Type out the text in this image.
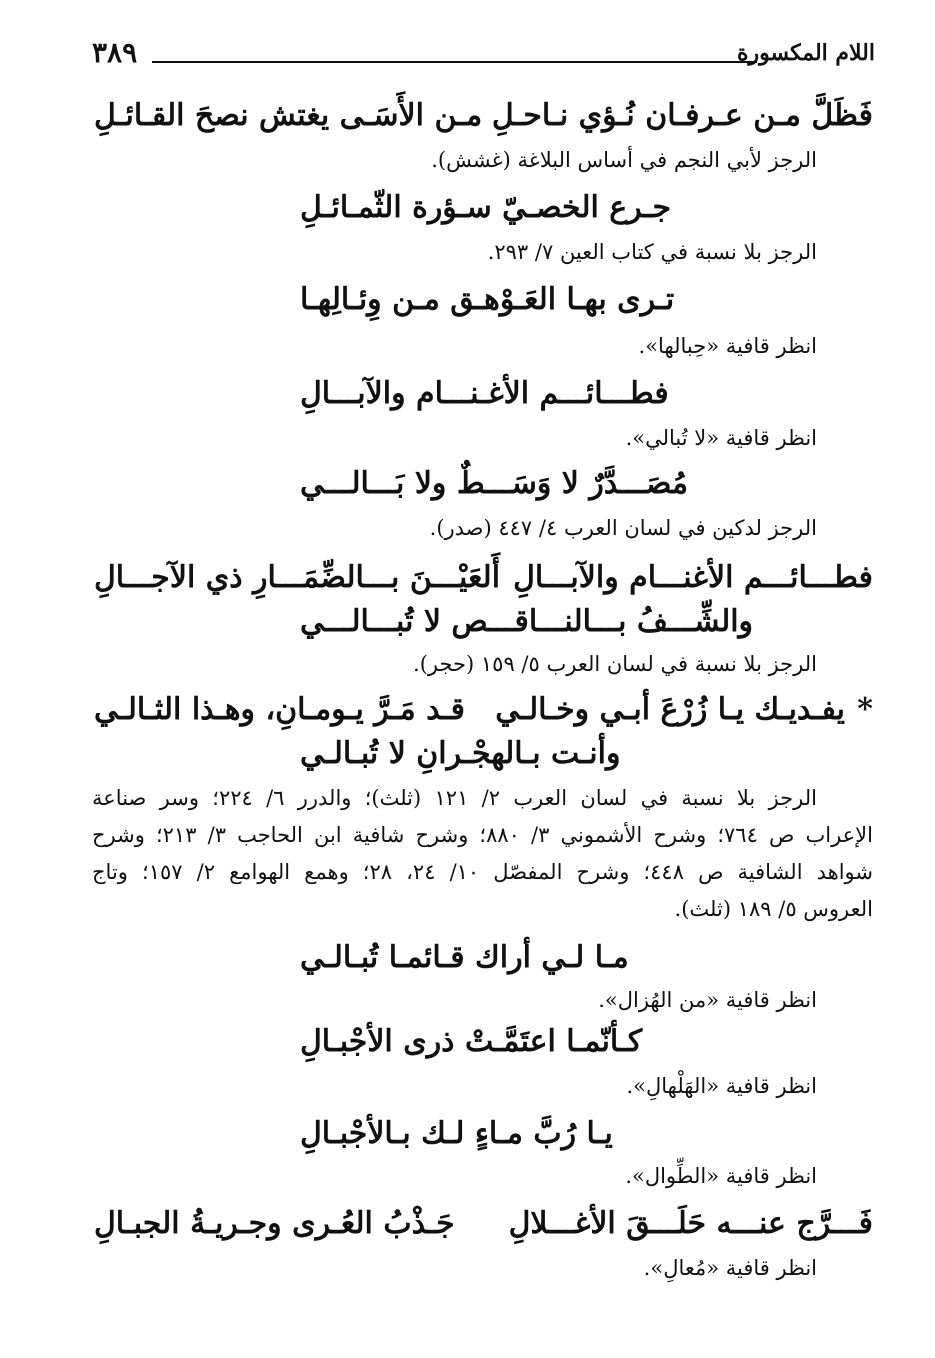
اللام المكسورة
٣٨٩
فَظَلَّ مـن عـرفـان نُـؤي نـاحـلِ
مـن الأَسَـى يغتش نصحَ القـائـلِ
الرجز لأبي النجم في أساس البلاغة (غشش).
جـرع الخصـيّ سـؤرة الثّمـائـلِ
الرجز بلا نسبة في كتاب العين ٧/ ٢٩٣.
تـرى بهـا العَـوْهـق مـن وِئـالِهـا
انظر قافية «حِبالها».
فطـــائـــم الأغـنـــام والآبـــالِ
انظر قافية «لا تُبالي».
مُصَـــدَّرٌ لا وَسَـــطٌ ولا بَـــالـــي
الرجز لدكين في لسان العرب ٤/ ٤٤٧ (صدر).
فطـــائـــم الأغنـــام والآبـــالِ
أَلعَيْـــنَ بـــالضِّمَـــارِ ذي الآجـــالِ
والشِّـــفُ بـــالنـــاقـــص لا تُبـــالـــي
الرجز بلا نسبة في لسان العرب ٥/ ١٥٩ (حجر).
*
يفـديـك يـا زُرْعَ أبـي وخـالـي
قـد مَـرَّ يـومـانِ، وهـذا الثـالـي
وأنـت بـالهجْـرانِ لا تُبـالـي
الرجز بلا نسبة في لسان العرب ٢/ ١٢١ (ثلث)؛ والدرر ٦/ ٢٢٤؛ وسر صناعة
الإعراب ص ٧٦٤؛ وشرح الأشموني ٣/ ٨٨٠؛ وشرح شافية ابن الحاجب ٣/ ٢١٣؛ وشرح
شواهد الشافية ص ٤٤٨؛ وشرح المفصّل ١٠/ ٢٤، ٢٨؛ وهمع الهوامع ٢/ ١٥٧؛ وتاج
العروس ٥/ ١٨٩ (ثلث).
مـا لـي أراك قـائمـا تُبـالـي
انظر قافية «من الهُزال».
كـأنّمـا اعتَمَّـتْ ذرى الأجْبـالِ
انظر قافية «الهَلْهالِ».
يـا رُبَّ مـاءٍ لـك بـالأجْبـالِ
انظر قافية «الطِّوال».
فَـــرَّج عنـــه حَلَـــقَ الأغـــلالِ
جَـذْبُ العُـرى وجـريـةُ الجبـالِ
انظر قافية «مُعالِ».
